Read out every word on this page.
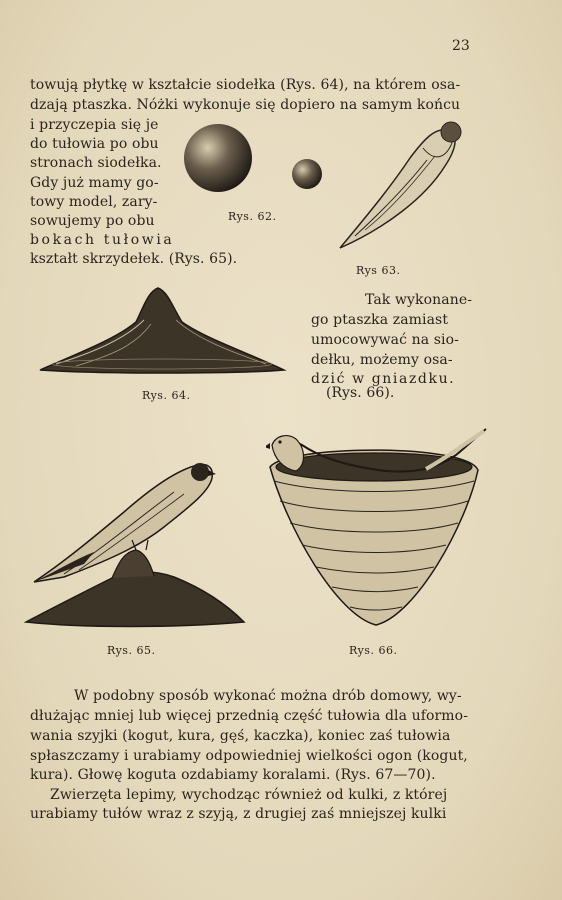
23
towują płytkę w kształcie siodełka (Rys. 64), na którem osa-
dzają ptaszka. Nóżki wykonuje się dopiero na samym końcu
i przyczepia się je
do tułowia po obu
stronach siodełka.
Gdy już mamy go-
towy model, zary-
sowujemy po obu
bokach tułowia
kształt skrzydełek. (Rys. 65).
Rys. 62.
Rys 63.
Rys. 64.
Tak wykonane-
go ptaszka zamiast
umocowywać na sio-
dełku, możemy osa-
dzić w gniazdku.
(Rys. 66).
Rys. 65.	Rys. 66.
W podobny sposób wykonać można drób domowy, wy-
dłużając mniej lub więcej przednią część tułowia dla uformo-
wania szyjki (kogut, kura, gęś, kaczka), koniec zaś tułowia
spłaszczamy i urabiamy odpowiedniej wielkości ogon (kogut,
kura). Głowę koguta ozdabiamy koralami. (Rys. 67—70).
Zwierzęta lepimy, wychodząc również od kulki, z której
urabiamy tułów wraz z szyją, z drugiej zaś mniejszej kulki
